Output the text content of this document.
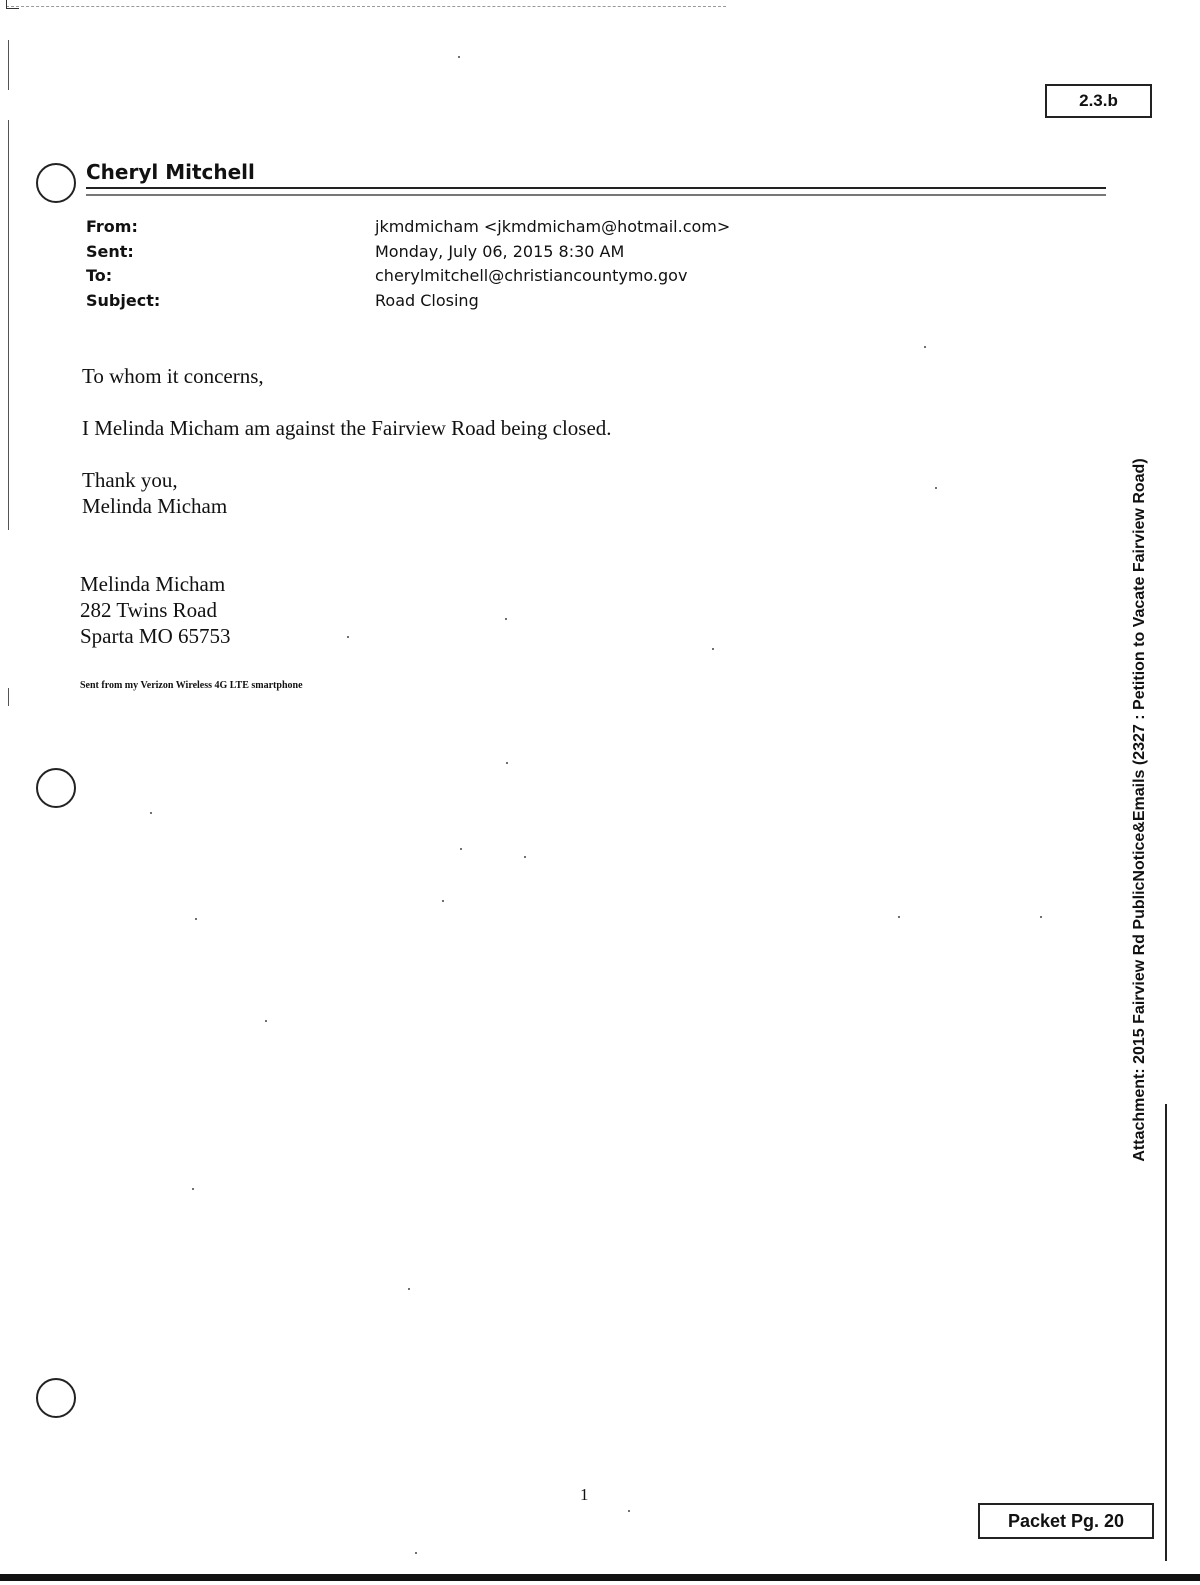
2.3.b
Cheryl Mitchell
From:	jkmdmicham <jkmdmicham@hotmail.com>
Sent:	Monday, July 06, 2015 8:30 AM
To:	cherylmitchell@christiancountymo.gov
Subject:	Road Closing
To whom it concerns,
I Melinda Micham am against the Fairview Road being closed.
Thank you,
Melinda Micham
Melinda Micham
282 Twins Road
Sparta MO 65753
Sent from my Verizon Wireless 4G LTE smartphone	Attachment: 2015 Fairview Rd PublicNotice&Emails (2327 : Petition to Vacate Fairview Road)
1
Packet Pg. 20
